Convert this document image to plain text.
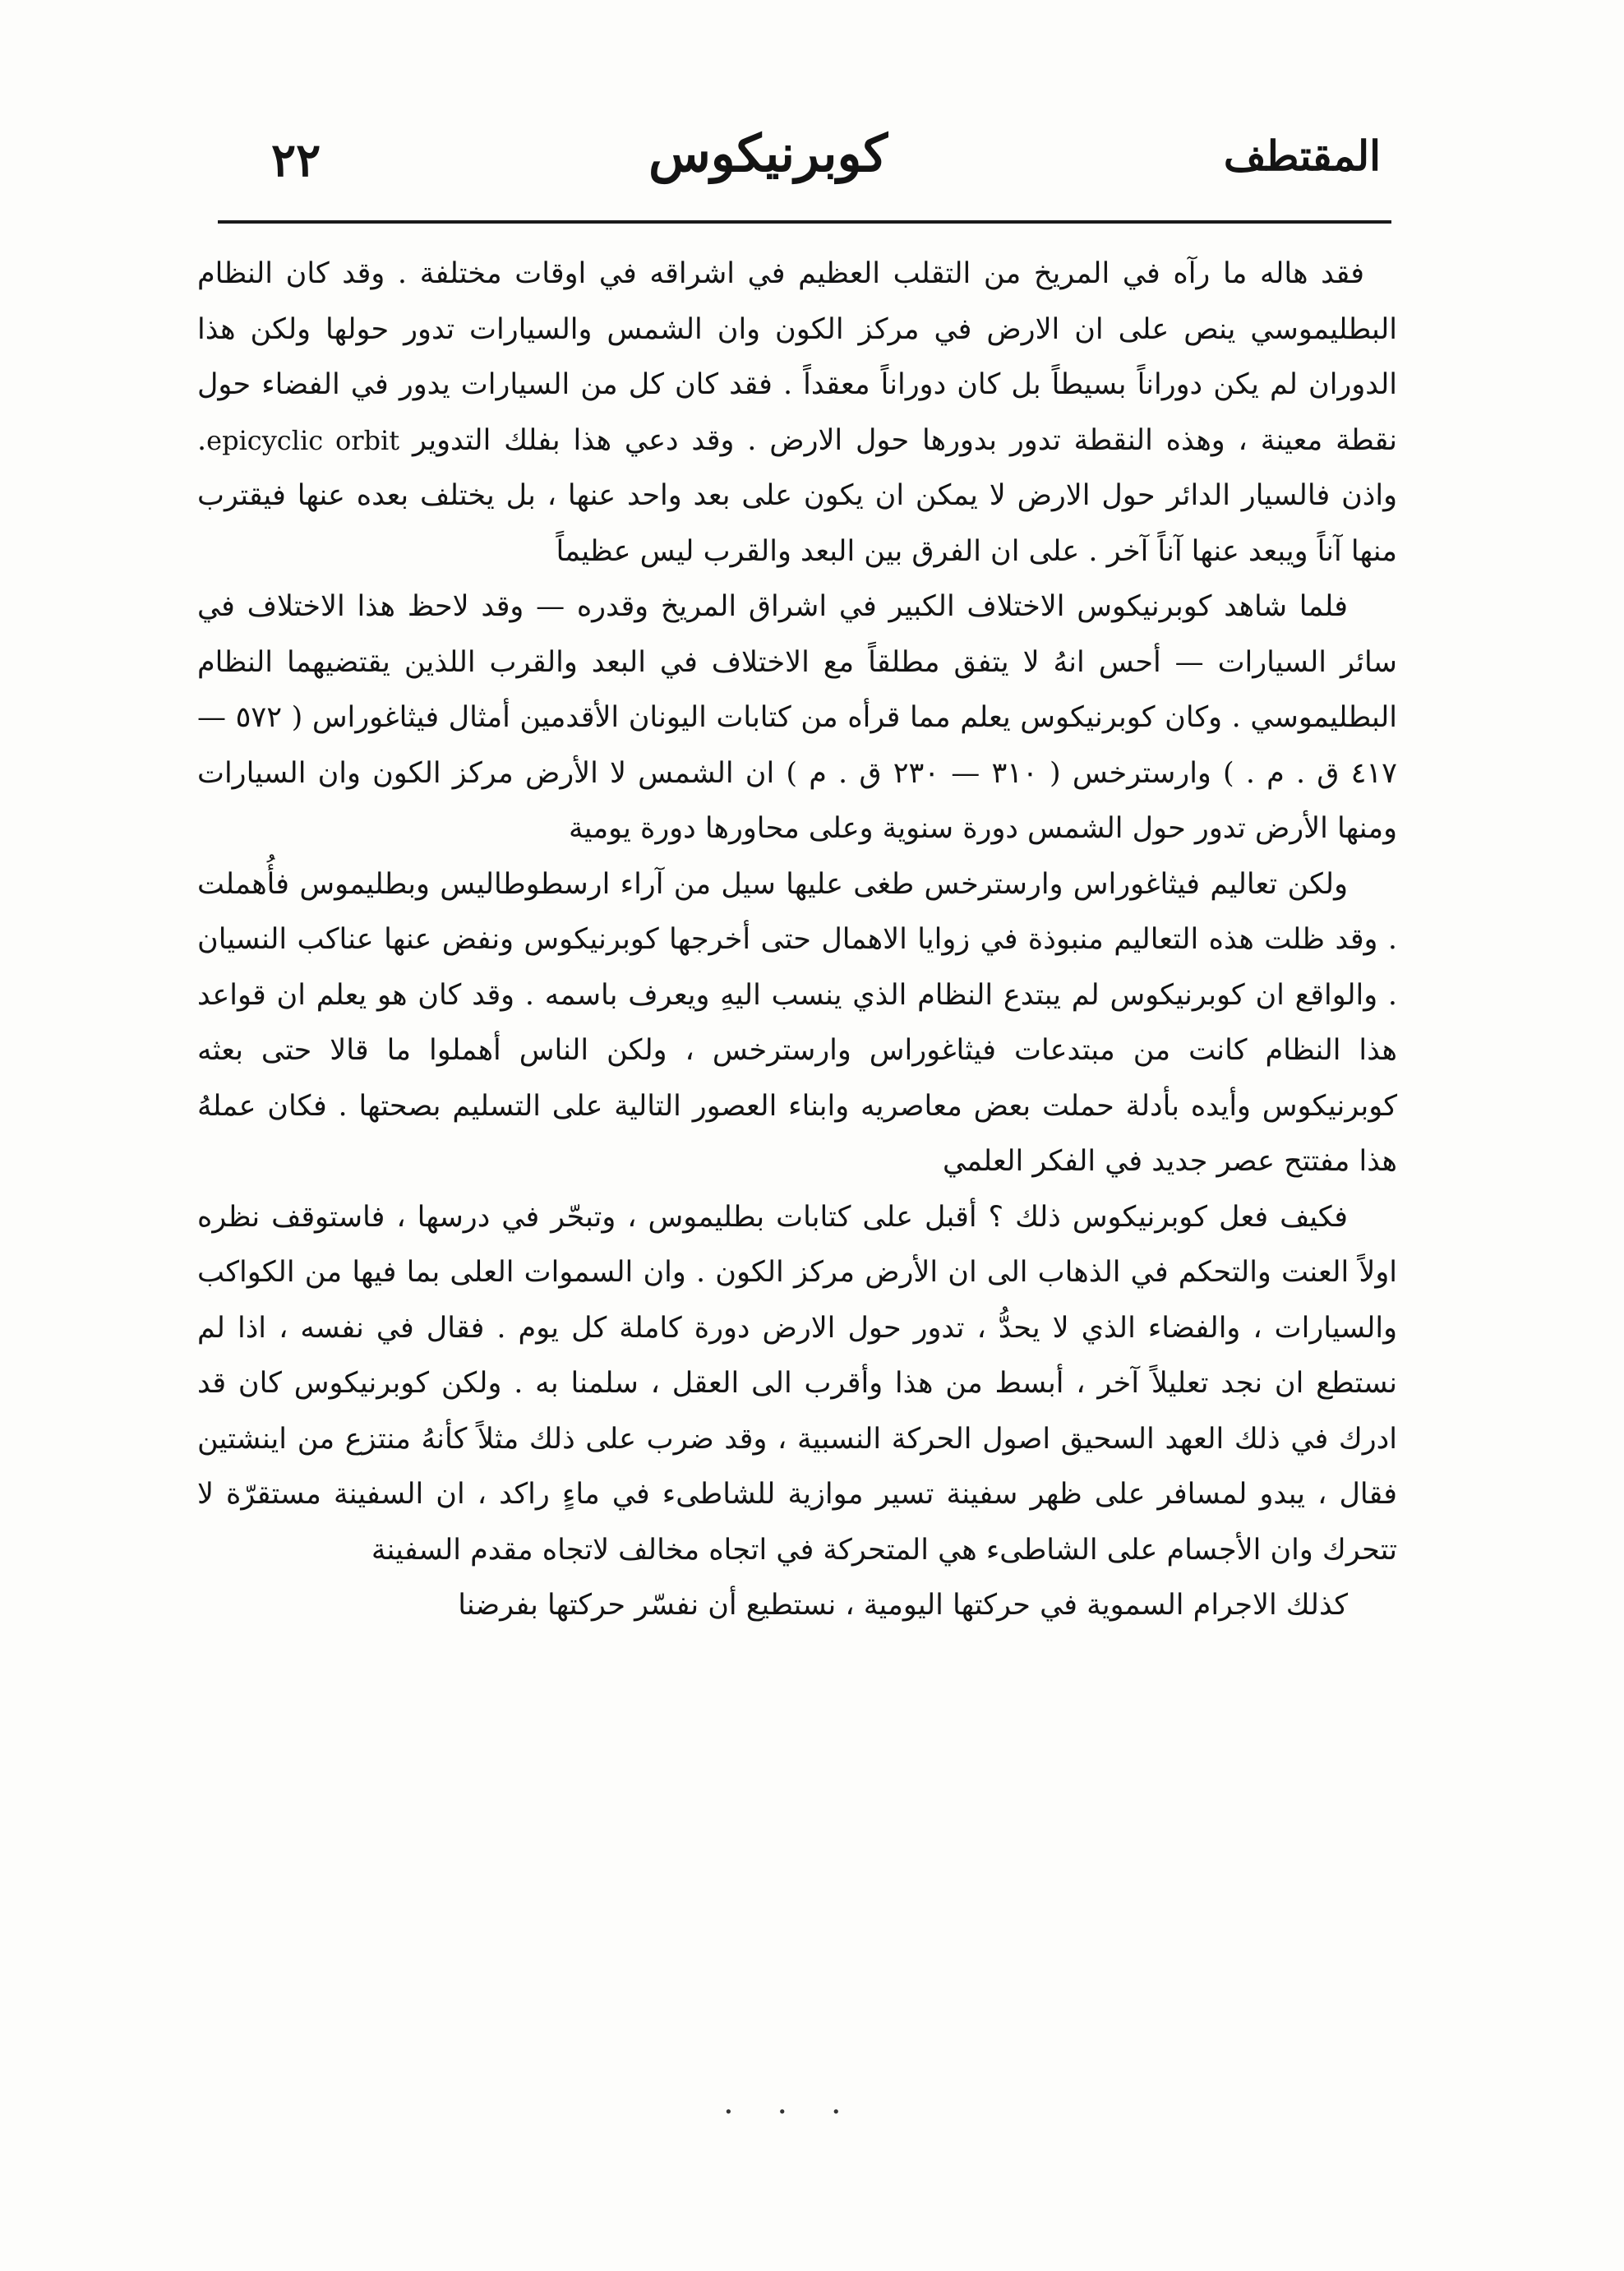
المقتطف
كوبرنيكوس
٢٢

فقد هاله ما رآه في المريخ من التقلب العظيم في اشراقه في اوقات مختلفة . وقد كان النظام البطليموسي ينص على ان الارض في مركز الكون وان الشمس والسيارات تدور حولها ولكن هذا الدوران لم يكن دوراناً بسيطاً بل كان دوراناً معقداً . فقد كان كل من السيارات يدور في الفضاء حول نقطة معينة ، وهذه النقطة تدور بدورها حول الارض . وقد دعي هذا بفلك التدوير epicyclic orbit. واذن فالسيار الدائر حول الارض لا يمكن ان يكون على بعد واحد عنها ، بل يختلف بعده عنها فيقترب منها آناً ويبعد عنها آناً آخر . على ان الفرق بين البعد والقرب ليس عظيماً

فلما شاهد كوبرنيكوس الاختلاف الكبير في اشراق المريخ وقدره — وقد لاحظ هذا الاختلاف في سائر السيارات — أحس انهُ لا يتفق مطلقاً مع الاختلاف في البعد والقرب اللذين يقتضيهما النظام البطليموسي . وكان كوبرنيكوس يعلم مما قرأه من كتابات اليونان الأقدمين أمثال فيثاغوراس ( ٥٧٢ — ٤١٧ ق . م . ) وارسترخس ( ٣١٠ — ٢٣٠ ق . م ) ان الشمس لا الأرض مركز الكون وان السيارات ومنها الأرض تدور حول الشمس دورة سنوية وعلى محاورها دورة يومية

ولكن تعاليم فيثاغوراس وارسترخس طغى عليها سيل من آراء ارسطوطاليس وبطليموس فأُهملت . وقد ظلت هذه التعاليم منبوذة في زوايا الاهمال حتى أخرجها كوبرنيكوس ونفض عنها عناكب النسيان . والواقع ان كوبرنيكوس لم يبتدع النظام الذي ينسب اليهِ ويعرف باسمه . وقد كان هو يعلم ان قواعد هذا النظام كانت من مبتدعات فيثاغوراس وارسترخس ، ولكن الناس أهملوا ما قالا حتى بعثه كوبرنيكوس وأيده بأدلة حملت بعض معاصريه وابناء العصور التالية على التسليم بصحتها . فكان عملهُ هذا مفتتح عصر جديد في الفكر العلمي

فكيف فعل كوبرنيكوس ذلك ؟ أقبل على كتابات بطليموس ، وتبحّر في درسها ، فاستوقف نظره اولاً العنت والتحكم في الذهاب الى ان الأرض مركز الكون . وان السموات العلى بما فيها من الكواكب والسيارات ، والفضاء الذي لا يحدُّ ، تدور حول الارض دورة كاملة كل يوم . فقال في نفسه ، اذا لم نستطع ان نجد تعليلاً آخر ، أبسط من هذا وأقرب الى العقل ، سلمنا به . ولكن كوبرنيكوس كان قد ادرك في ذلك العهد السحيق اصول الحركة النسبية ، وقد ضرب على ذلك مثلاً كأنهُ منتزع من اينشتين فقال ، يبدو لمسافر على ظهر سفينة تسير موازية للشاطىء في ماءٍ راكد ، ان السفينة مستقرّة لا تتحرك وان الأجسام على الشاطىء هي المتحركة في اتجاه مخالف لاتجاه مقدم السفينة

كذلك الاجرام السموية في حركتها اليومية ، نستطيع أن نفسّر حركتها بفرضنا

. . .
